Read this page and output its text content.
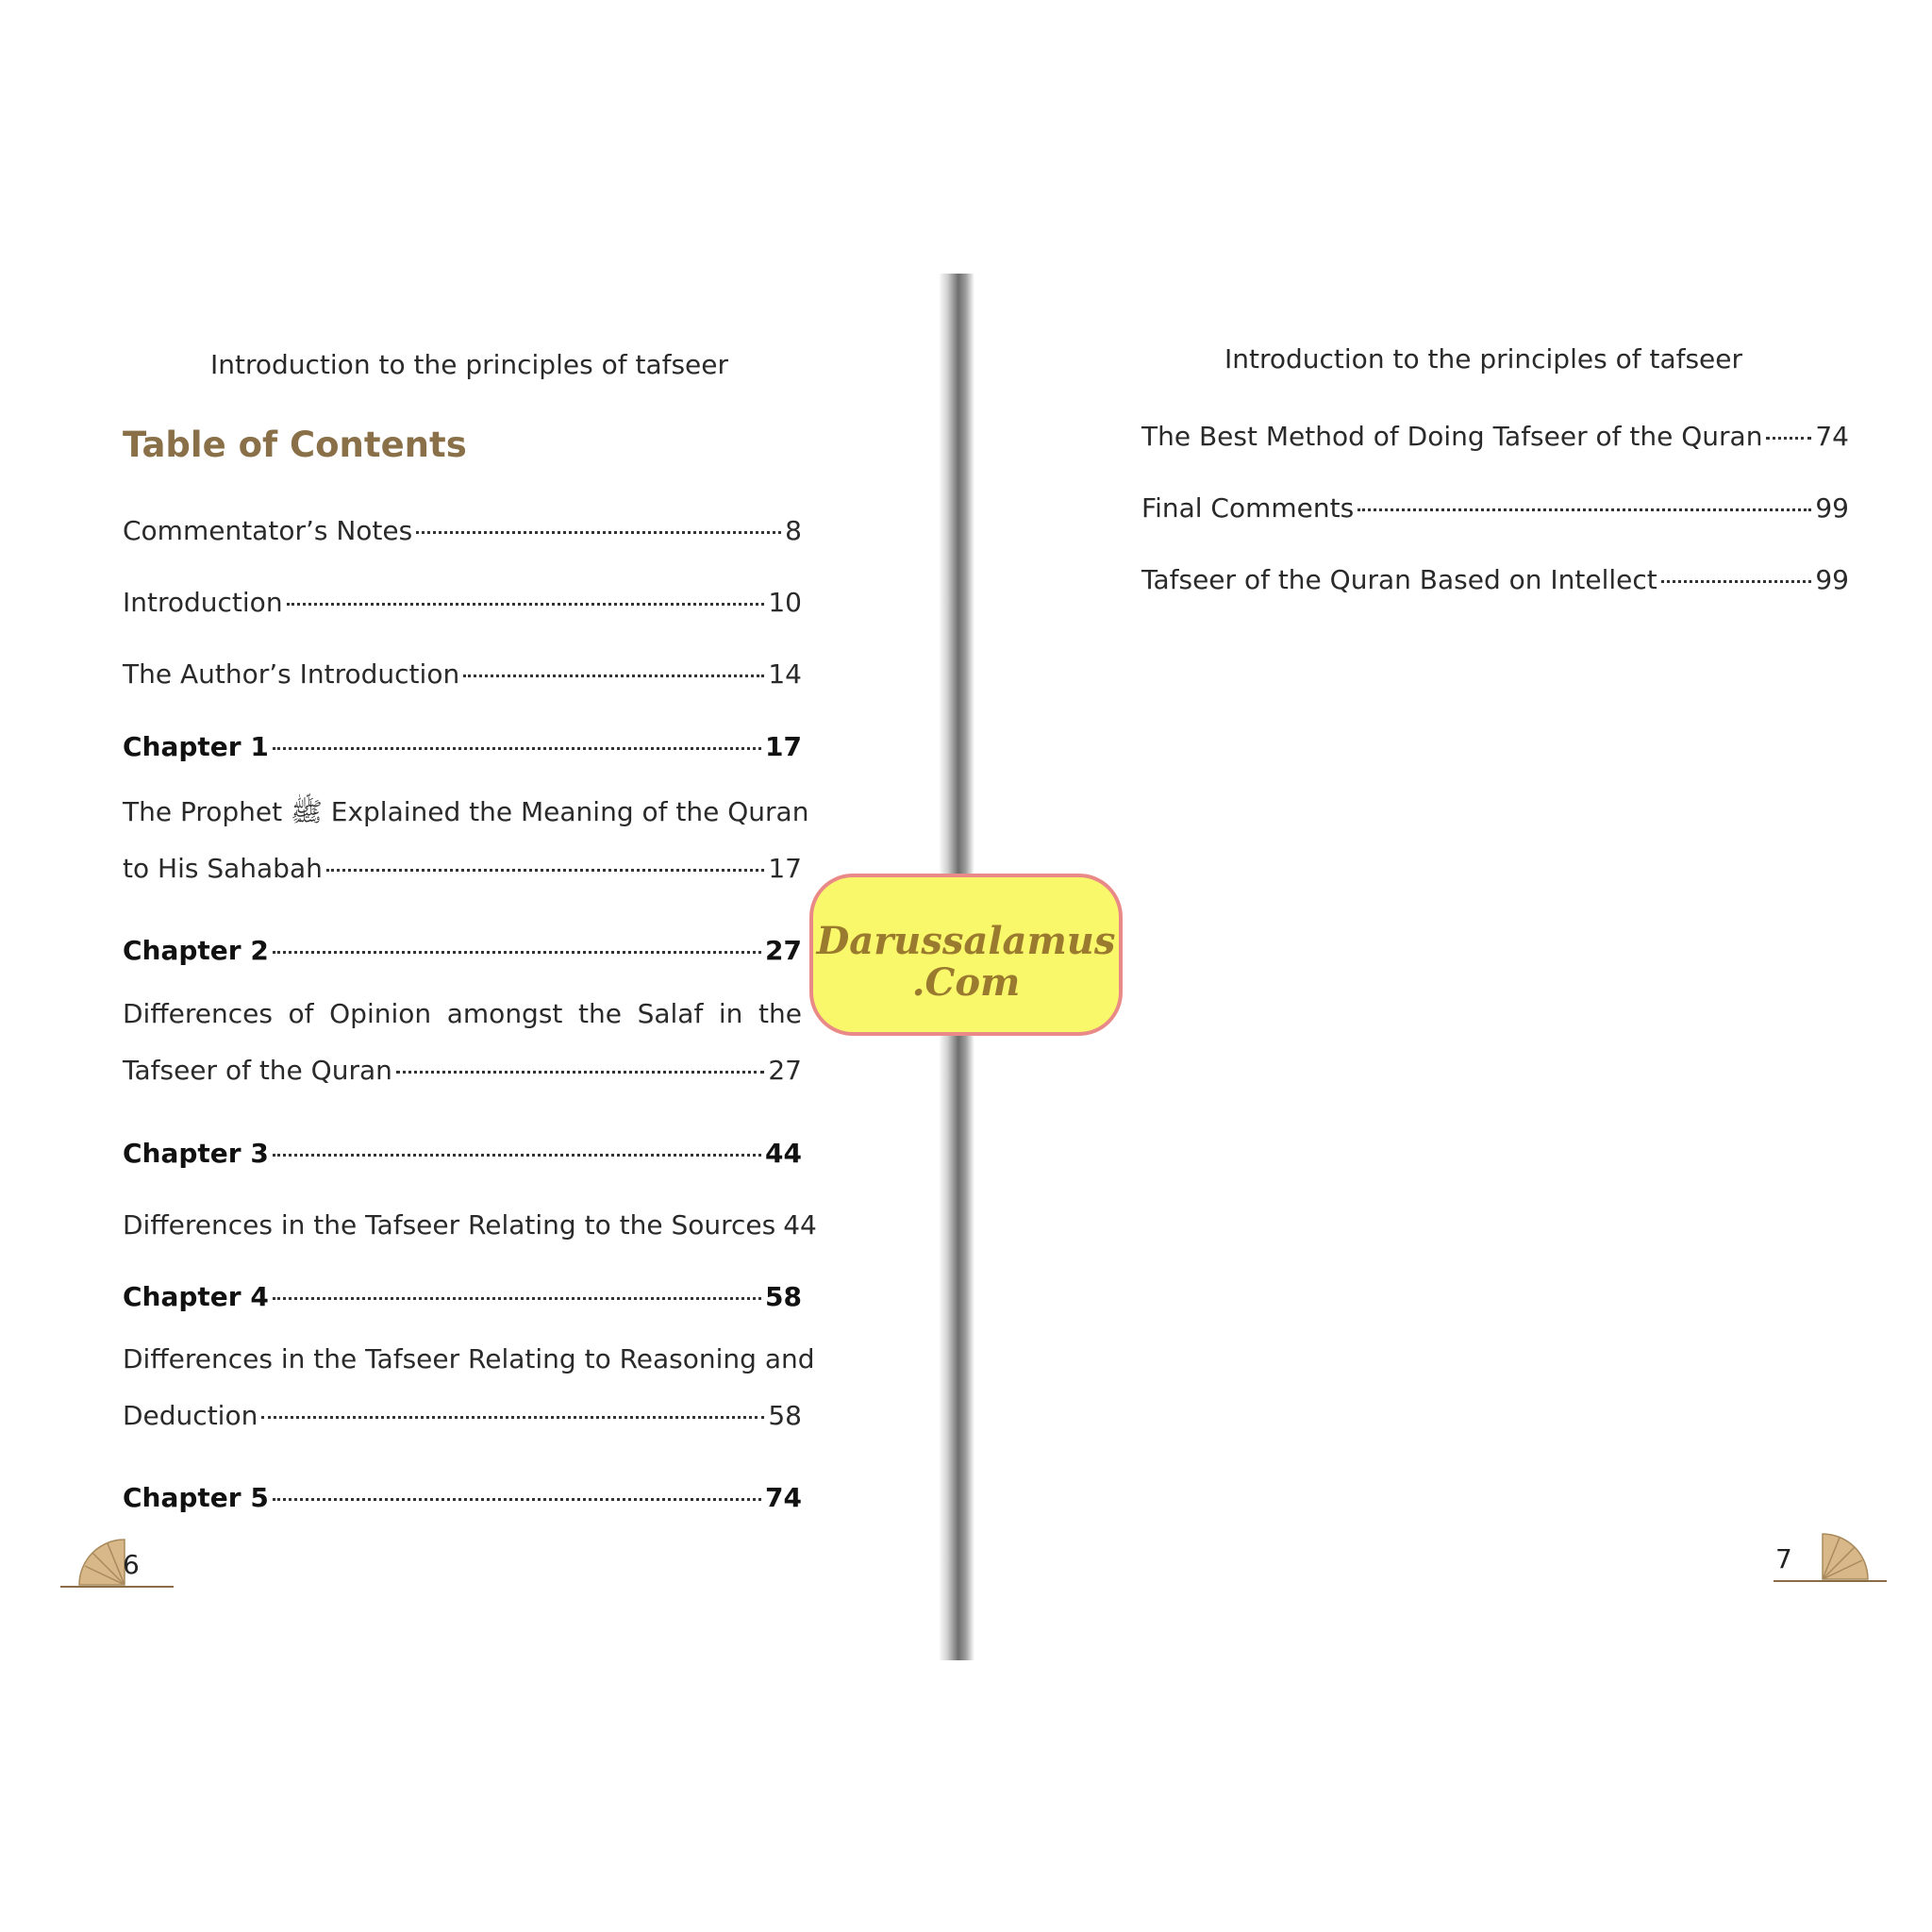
Introduction to the principles of tafseer
Table of Contents
Commentator’s Notes	8
Introduction	10
The Author’s Introduction	14
Chapter 1	17
The Prophet ﷺ Explained the Meaning of the Quran
to His Sahabah	17
Chapter 2	27
Differences of Opinion amongst the Salaf in the
Tafseer of the Quran	27
Chapter 3	44
Differences in the Tafseer Relating to the Sources 44
Chapter 4	58
Differences in the Tafseer Relating to Reasoning and
Deduction	58
Chapter 5	74
6
Introduction to the principles of tafseer
The Best Method of Doing Tafseer of the Quran 74
Final Comments	99
Tafseer of the Quran Based on Intellect	99
7
Darussalamus
.Com
